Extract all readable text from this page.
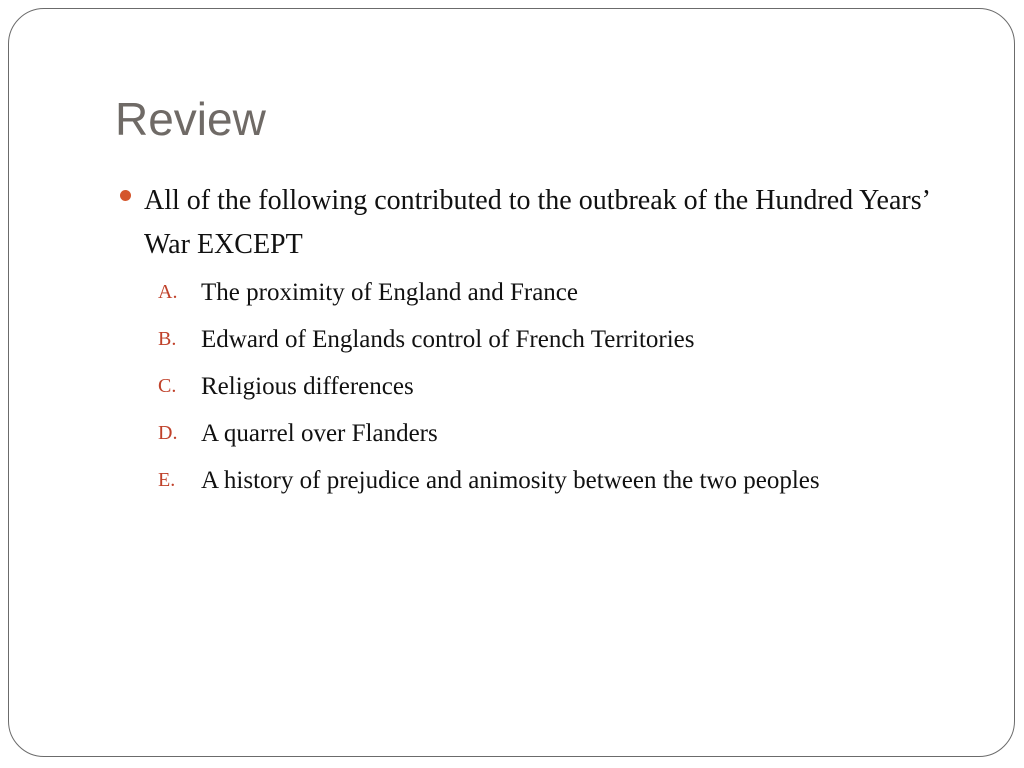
Review
All of the following contributed to the outbreak of the Hundred Years’ War EXCEPT
A. The proximity of England and France
B. Edward of Englands control of French Territories
C. Religious differences
D. A quarrel over Flanders
E. A history of prejudice and animosity between the two peoples
